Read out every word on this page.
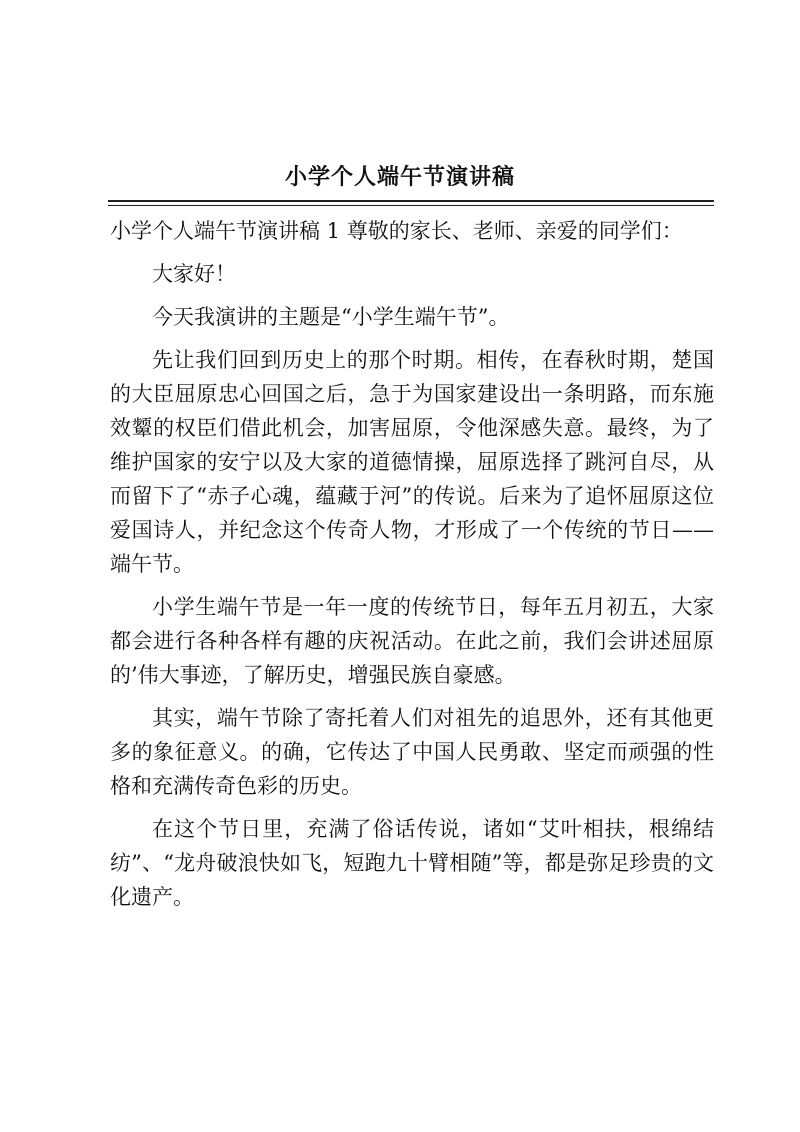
小学个人端午节演讲稿

小学个人端午节演讲稿 1 尊敬的家长、老师、亲爱的同学们：

大家好！

今天我演讲的主题是“小学生端午节”。

先让我们回到历史上的那个时期。相传，在春秋时期，楚国的大臣屈原忠心回国之后，急于为国家建设出一条明路，而东施效颦的权臣们借此机会，加害屈原，令他深感失意。最终，为了维护国家的安宁以及大家的道德情操，屈原选择了跳河自尽，从而留下了“赤子心魂，蕴藏于河”的传说。后来为了追怀屈原这位爱国诗人，并纪念这个传奇人物，才形成了一个传统的节日——端午节。

小学生端午节是一年一度的传统节日，每年五月初五，大家都会进行各种各样有趣的庆祝活动。在此之前，我们会讲述屈原的’伟大事迹，了解历史，增强民族自豪感。

其实，端午节除了寄托着人们对祖先的追思外，还有其他更多的象征意义。的确，它传达了中国人民勇敢、坚定而顽强的性格和充满传奇色彩的历史。

在这个节日里，充满了俗话传说，诸如“艾叶相扶，根绵结纺”、“龙舟破浪快如飞，短跑九十臂相随”等，都是弥足珍贵的文化遗产。
